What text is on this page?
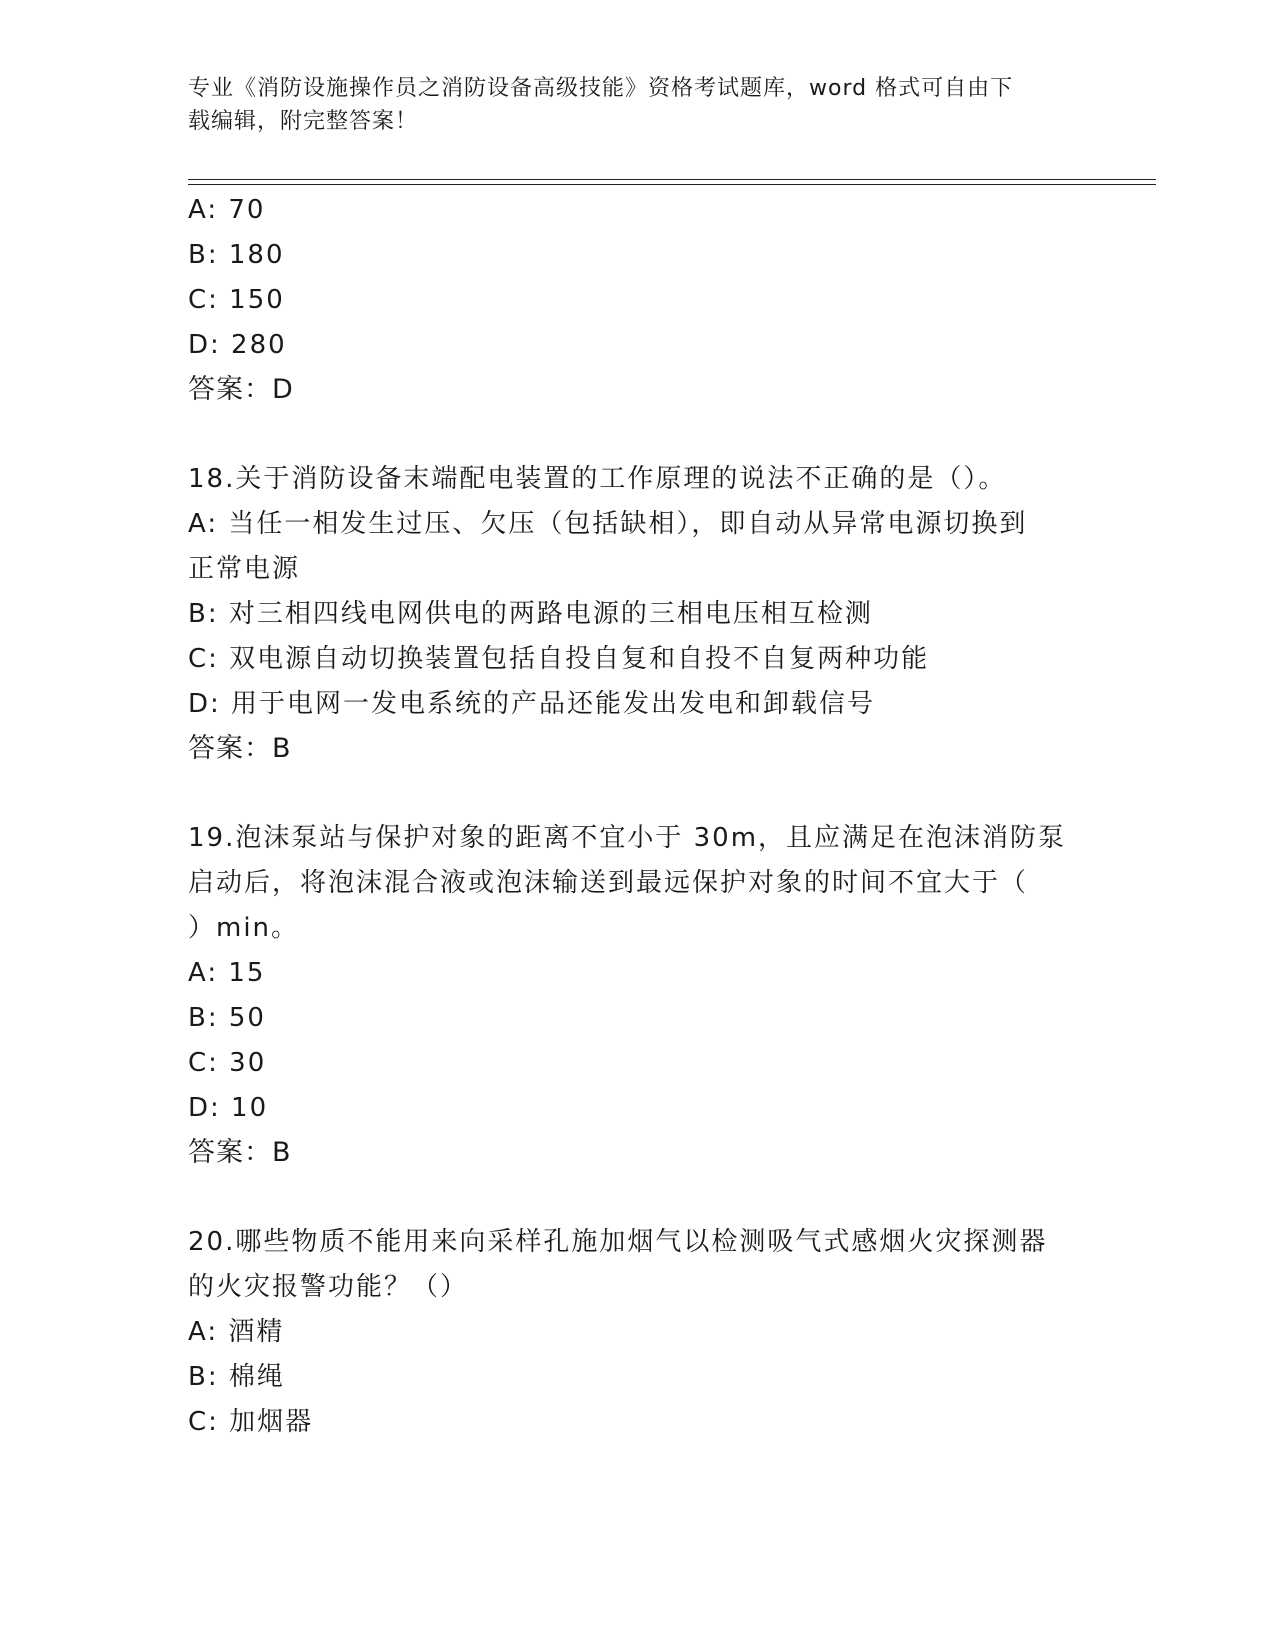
专业《消防设施操作员之消防设备高级技能》资格考试题库，word 格式可自由下
载编辑，附完整答案！
A: 70
B: 180
C: 150
D: 280
答案：D
18.关于消防设备末端配电装置的工作原理的说法不正确的是（）。
A: 当任一相发生过压、欠压（包括缺相），即自动从异常电源切换到
正常电源
B: 对三相四线电网供电的两路电源的三相电压相互检测
C: 双电源自动切换装置包括自投自复和自投不自复两种功能
D: 用于电网一发电系统的产品还能发出发电和卸载信号
答案：B
19.泡沫泵站与保护对象的距离不宜小于 30m，且应满足在泡沫消防泵
启动后，将泡沫混合液或泡沫输送到最远保护对象的时间不宜大于（
）min。
A: 15
B: 50
C: 30
D: 10
答案：B
20.哪些物质不能用来向采样孔施加烟气以检测吸气式感烟火灾探测器
的火灾报警功能？（）
A: 酒精
B: 棉绳
C: 加烟器
